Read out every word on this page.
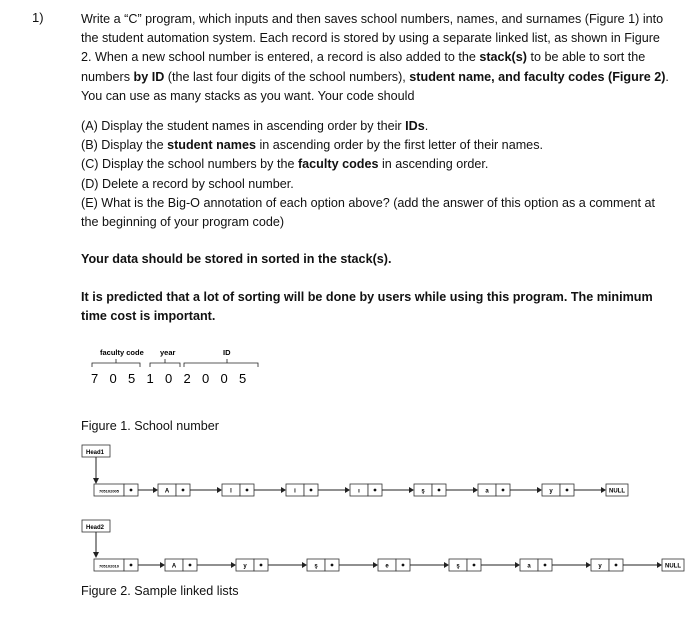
1)	Write a “C” program, which inputs and then saves school numbers, names, and surnames (Figure 1) into the student automation system. Each record is stored by using a separate linked list, as shown in Figure 2. When a new school number is entered, a record is also added to the stack(s) to be able to sort the numbers by ID (the last four digits of the school numbers), student name, and faculty codes (Figure 2). You can use as many stacks as you want. Your code should

(A) Display the student names in ascending order by their IDs.

(B) Display the student names in ascending order by the first letter of their names.

(C) Display the school numbers by the faculty codes in ascending order.

(D) Delete a record by school number.

(E) What is the Big-O annotation of each option above? (add the answer of this option as a comment at the beginning of your program code)

Your data should be stored in sorted in the stack(s).
It is predicted that a lot of sorting will be done by users while using this program. The minimum time cost is important.
faculty code year	ID
7 0 5 1 0 2 0 0 5
Figure 1. School number
Head1
Head2
705102005	A	l	i	ı	ş	a	y	NULL
705102010	A	y	ş	e	ş	a	y	NULL
Figure 2. Sample linked lists
